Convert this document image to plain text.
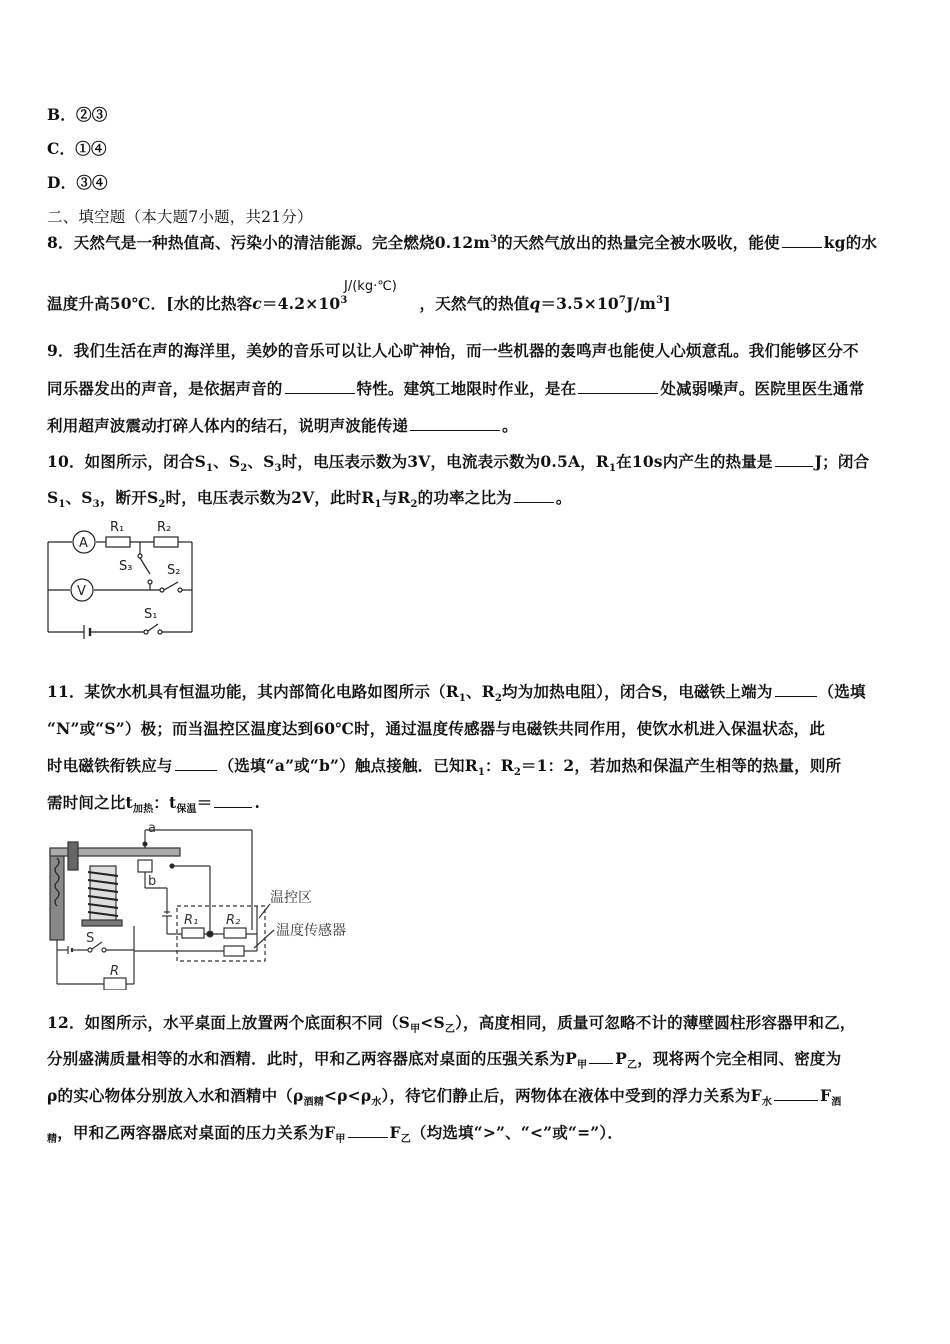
B．②③
C．①④
D．③④
二、填空题（本大题7小题，共21分）
8．天然气是一种热值高、污染小的清洁能源。完全燃烧$0.12m^3$的天然气放出的热量完全被水吸收，能使	kg的水
温度升高50℃．[水的比热容$c=4.2\times 10^3$	，天然气的热值$q=3.5\times 10^7J/m^3$]
J/(kg·℃)
9．我们生活在声的海洋里，美妙的音乐可以让人心旷神怡，而一些机器的轰鸣声也能使人心烦意乱。我们能够区分不
同乐器发出的声音，是依据声音的	特性。建筑工地限时作业，是在	处减弱噪声。医院里医生通常
利用超声波震动打碎人体内的结石，说明声波能传递	。
10．如图所示，闭合$S_1$、$S_2$、$S_3$时，电压表示数为3V，电流表示数为0.5A，$R_1$在10s内产生的热量是	J；闭合
$S_1$、$S_3$，断开$S_2$时，电压表示数为2V，此时$R_1$与$R_2$的功率之比为	。
A
V
R₁	R₂
S₃	S₂
S₁
11．某饮水机具有恒温功能，其内部简化电路如图所示（$R_1$、$R_2$均为加热电阻），闭合S，电磁铁上端为	（选填
“N”或“S”）极；而当温控区温度达到60℃时，通过温度传感器与电磁铁共同作用，使饮水机进入保温状态，此
时电磁铁衔铁应与	（选填“a”或“b”）触点接触．已知$R_1$：$R_2=1$：2，若加热和保温产生相等的热量，则所
需时间之比$t_{加热}$：$t_{保温}=$	.
a
b
S
R
R₁ R₂
温控区
温度传感器
12．如图所示，水平桌面上放置两个底面积不同$(S_甲<S_乙)$，高度相同，质量可忽略不计的薄壁圆柱形容器甲和乙，
分别盛满质量相等的水和酒精．此时，甲和乙两容器底对桌面的压强关系为$P_甲$ $P_乙$，现将两个完全相同、密度为
ρ的实心物体分别放入水和酒精中$(\rho_{酒精}<\rho<\rho_水)$，待它们静止后，两物体在液体中受到的浮力关系为$F_水$	$F_酒$
$_精$，甲和乙两容器底对桌面的压力关系为$F_甲$	$F_乙$（均选填“>”、“<”或“=”）．
